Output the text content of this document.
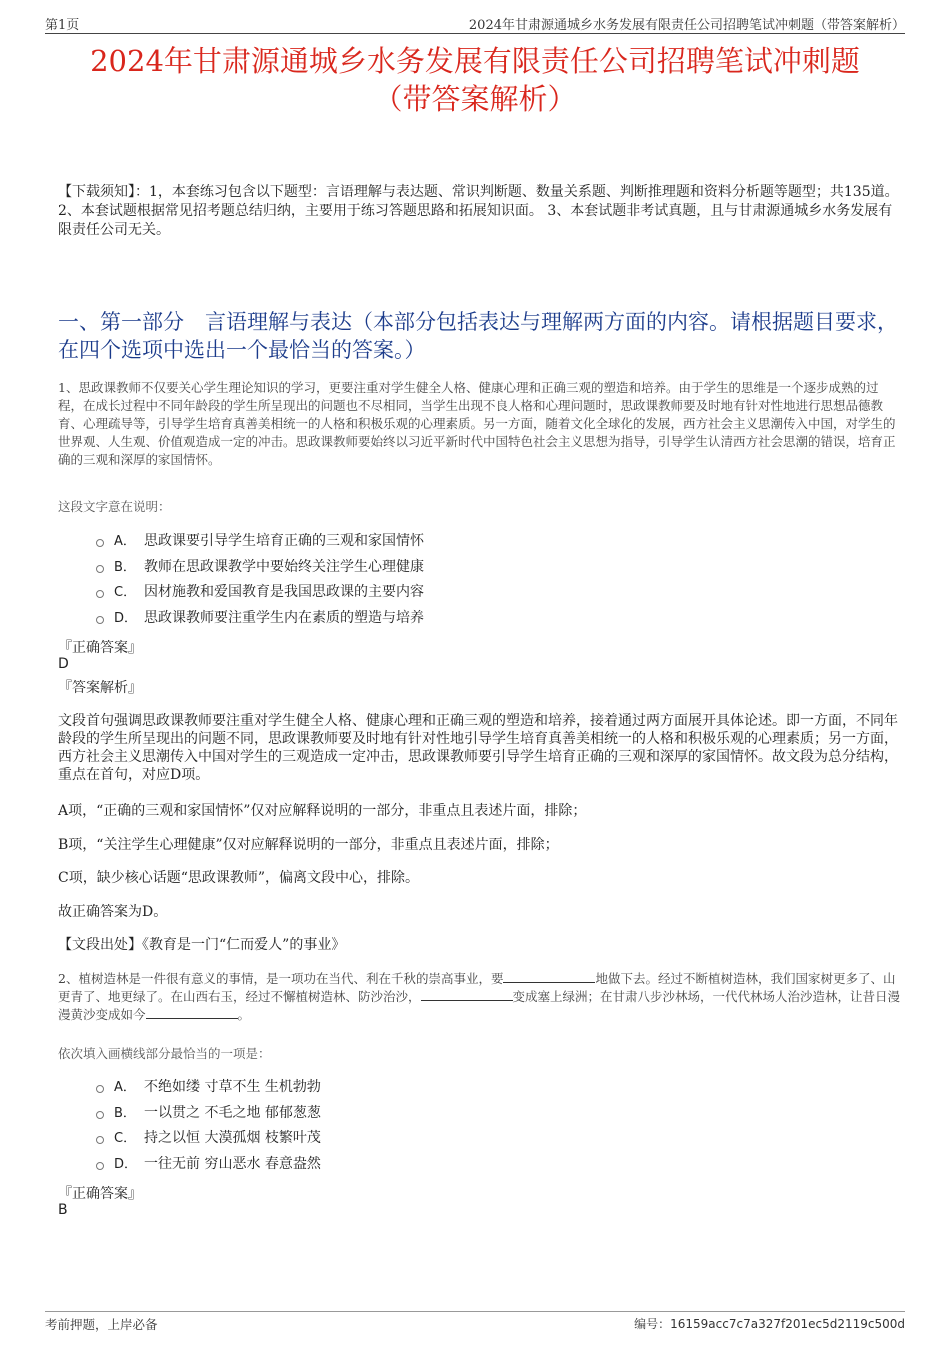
第1页	2024年甘肃源通城乡水务发展有限责任公司招聘笔试冲刺题（带答案解析）
2024年甘肃源通城乡水务发展有限责任公司招聘笔试冲刺题
（带答案解析）
【下载须知】：1，本套练习包含以下题型：言语理解与表达题、常识判断题、数量关系题、判断推理题和资料分析题等题型；共135道。 2、本套试题根据常见招考题总结归纳，主要用于练习答题思路和拓展知识面。 3、本套试题非考试真题，且与甘肃源通城乡水务发展有限责任公司无关。
一、第一部分　言语理解与表达（本部分包括表达与理解两方面的内容。请根据题目要求，在四个选项中选出一个最恰当的答案。）
1、思政课教师不仅要关心学生理论知识的学习，更要注重对学生健全人格、健康心理和正确三观的塑造和培养。由于学生的思维是一个逐步成熟的过程，在成长过程中不同年龄段的学生所呈现出的问题也不尽相同，当学生出现不良人格和心理问题时，思政课教师要及时地有针对性地进行思想品德教育、心理疏导等，引导学生培育真善美相统一的人格和积极乐观的心理素质。另一方面，随着文化全球化的发展，西方社会主义思潮传入中国，对学生的世界观、人生观、价值观造成一定的冲击。思政课教师要始终以习近平新时代中国特色社会主义思想为指导，引导学生认清西方社会思潮的错误，培育正确的三观和深厚的家国情怀。
这段文字意在说明：
A． 思政课要引导学生培育正确的三观和家国情怀
B． 教师在思政课教学中要始终关注学生心理健康
C． 因材施教和爱国教育是我国思政课的主要内容
D． 思政课教师要注重学生内在素质的塑造与培养
『正确答案』
D
『答案解析』
文段首句强调思政课教师要注重对学生健全人格、健康心理和正确三观的塑造和培养，接着通过两方面展开具体论述。即一方面，不同年龄段的学生所呈现出的问题不同，思政课教师要及时地有针对性地引导学生培育真善美相统一的人格和积极乐观的心理素质；另一方面，西方社会主义思潮传入中国对学生的三观造成一定冲击，思政课教师要引导学生培育正确的三观和深厚的家国情怀。故文段为总分结构，重点在首句，对应D项。
A项，“正确的三观和家国情怀”仅对应解释说明的一部分，非重点且表述片面，排除；
B项，“关注学生心理健康”仅对应解释说明的一部分，非重点且表述片面，排除；
C项，缺少核心话题“思政课教师”，偏离文段中心，排除。
故正确答案为D。
【文段出处】《教育是一门“仁而爱人”的事业》
2、植树造林是一件很有意义的事情，是一项功在当代、利在千秋的崇高事业，要	地做下去。经过不断植树造林，我们国家树更多了、山更青了、地更绿了。在山西右玉，经过不懈植树造林、防沙治沙，	变成塞上绿洲；在甘肃八步沙林场，一代代林场人治沙造林，让昔日漫漫黄沙变成如今	。
依次填入画横线部分最恰当的一项是：
A． 不绝如缕 寸草不生 生机勃勃
B． 一以贯之 不毛之地 郁郁葱葱
C． 持之以恒 大漠孤烟 枝繁叶茂
D． 一往无前 穷山恶水 春意盎然
『正确答案』
B
考前押题，上岸必备	编号：16159acc7c7a327f201ec5d2119c500d
